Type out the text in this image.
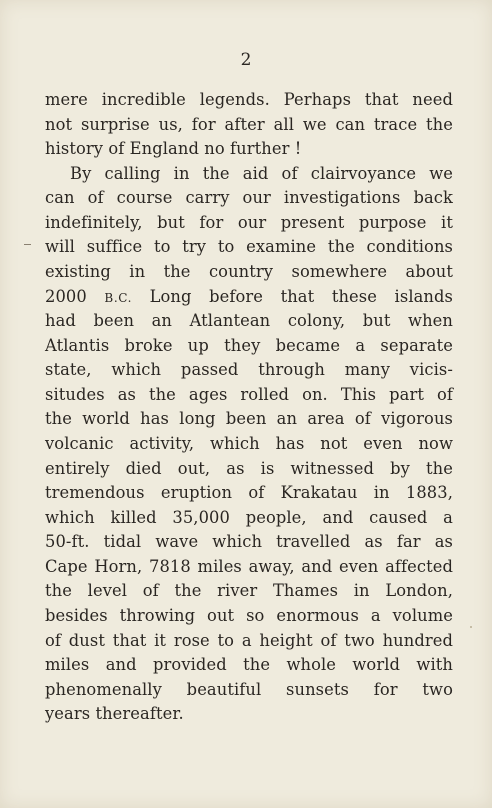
2
mere incredible legends. Perhaps that need
not surprise us, for after all we can trace the
history of England no further !
By calling in the aid of clairvoyance we
can of course carry our investigations back
indefinitely, but for our present purpose it
will suffice to try to examine the conditions
existing in the country somewhere about
2000 B.C. Long before that these islands
had been an Atlantean colony, but when
Atlantis broke up they became a separate
state, which passed through many vicis-
situdes as the ages rolled on. This part of
the world has long been an area of vigorous
volcanic activity, which has not even now
entirely died out, as is witnessed by the
tremendous eruption of Krakatau in 1883,
which killed 35,000 people, and caused a
50-ft. tidal wave which travelled as far as
Cape Horn, 7818 miles away, and even affected
the level of the river Thames in London,
besides throwing out so enormous a volume
of dust that it rose to a height of two hundred
miles and provided the whole world with
phenomenally beautiful sunsets for two
years thereafter.
